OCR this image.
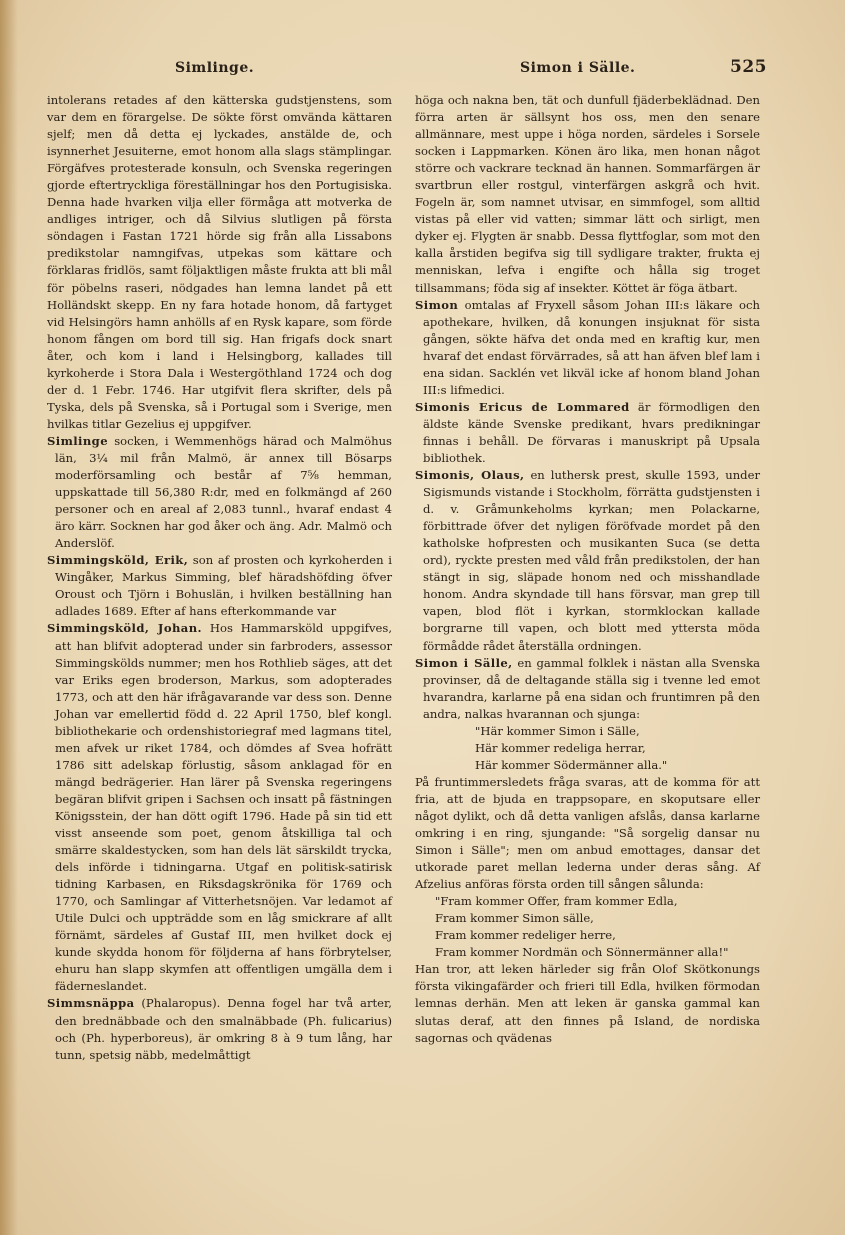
Simlinge.	Simon i Sälle.	525

intolerans retades af den kätterska gudstjenstens, som var dem en förargelse. De sökte först omvända kättaren sjelf; men då detta ej lyckades, anstälde de, och isynnerhet Jesuiterne, emot honom alla slags stämplingar. Förgäfves protesterade konsuln, och Svenska regeringen gjorde eftertryckliga föreställningar hos den Portugisiska. Denna hade hvarken vilja eller förmåga att motverka de andliges intriger, och då Silvius slutligen på första söndagen i Fastan 1721 hörde sig från alla Lissabons predikstolar namngifvas, utpekas som kättare och förklaras fridlös, samt följaktligen måste frukta att bli mål för pöbelns raseri, nödgades han lemna landet på ett Holländskt skepp. En ny fara hotade honom, då fartyget vid Helsingörs hamn anhölls af en Rysk kapare, som förde honom fången om bord till sig. Han frigafs dock snart åter, och kom i land i Helsingborg, kallades till kyrkoherde i Stora Dala i Westergöthland 1724 och dog der d. 1 Febr. 1746. Har utgifvit flera skrifter, dels på Tyska, dels på Svenska, så i Portugal som i Sverige, men hvilkas titlar Gezelius ej uppgifver.

Simlinge socken, i Wemmenhögs härad och Malmöhus län, 3¼ mil från Malmö, är annex till Bösarps moderförsamling och består af 7⅝ hemman, uppskattade till 56,380 R:dr, med en folkmängd af 260 personer och en areal af 2,083 tunnl., hvaraf endast 4 äro kärr. Socknen har god åker och äng. Adr. Malmö och Anderslöf.

Simmingsköld, Erik, son af prosten och kyrkoherden i Wingåker, Markus Simming, blef häradshöfding öfver Oroust och Tjörn i Bohuslän, i hvilken beställning han adlades 1689. Efter af hans efterkommande var

Simmingsköld, Johan. Hos Hammarsköld uppgifves, att han blifvit adopterad under sin farbroders, assessor Simmingskölds nummer; men hos Rothlieb säges, att det var Eriks egen broderson, Markus, som adopterades 1773, och att den här ifrågavarande var dess son. Denne Johan var emellertid född d. 22 April 1750, blef kongl. bibliothekarie och ordenshistoriegraf med lagmans titel, men afvek ur riket 1784, och dömdes af Svea hofrätt 1786 sitt adelskap förlustig, såsom anklagad för en mängd bedrägerier. Han lärer på Svenska regeringens begäran blifvit gripen i Sachsen och insatt på fästningen Königsstein, der han dött ogift 1796. Hade på sin tid ett visst anseende som poet, genom åtskilliga tal och smärre skaldestycken, som han dels lät särskildt trycka, dels införde i tidningarna. Utgaf en politisk-satirisk tidning Karbasen, en Riksdagskrönika för 1769 och 1770, och Samlingar af Vitterhetsnöjen. Var ledamot af Utile Dulci och uppträdde som en låg smickrare af allt förnämt, särdeles af Gustaf III, men hvilket dock ej kunde skydda honom för följderna af hans förbrytelser, ehuru han slapp skymfen att offentligen umgälla dem i fäderneslandet.

Simmsnäppa (Phalaropus). Denna fogel har två arter, den brednäbbade och den smalnäbbade (Ph. fulicarius) och (Ph. hyperboreus), är omkring 8 à 9 tum lång, har tunn, spetsig näbb, medelmåttigt

höga och nakna ben, tät och dunfull fjäderbeklädnad. Den förra arten är sällsynt hos oss, men den senare allmännare, mest uppe i höga norden, särdeles i Sorsele socken i Lappmarken. Könen äro lika, men honan något större och vackrare tecknad än hannen. Sommarfärgen är svartbrun eller rostgul, vinterfärgen askgrå och hvit. Fogeln är, som namnet utvisar, en simmfogel, som alltid vistas på eller vid vatten; simmar lätt och sirligt, men dyker ej. Flygten är snabb. Dessa flyttfoglar, som mot den kalla årstiden begifva sig till sydligare trakter, frukta ej menniskan, lefva i engifte och hålla sig troget tillsammans; föda sig af insekter. Köttet är föga ätbart.

Simon omtalas af Fryxell såsom Johan III:s läkare och apothekare, hvilken, då konungen insjuknat för sista gången, sökte häfva det onda med en kraftig kur, men hvaraf det endast förvärrades, så att han äfven blef lam i ena sidan. Sacklén vet likväl icke af honom bland Johan III:s lifmedici.

Simonis Ericus de Lommared är förmodligen den äldste kände Svenske predikant, hvars predikningar finnas i behåll. De förvaras i manuskript på Upsala bibliothek.

Simonis, Olaus, en luthersk prest, skulle 1593, under Sigismunds vistande i Stockholm, förrätta gudstjensten i d. v. Gråmunkeholms kyrkan; men Polackarne, förbittrade öfver det nyligen föröfvade mordet på den katholske hofpresten och musikanten Suca (se detta ord), ryckte presten med våld från predikstolen, der han stängt in sig, släpade honom ned och misshandlade honom. Andra skyndade till hans försvar, man grep till vapen, blod flöt i kyrkan, stormklockan kallade borgrarne till vapen, och blott med yttersta möda förmådde rådet återställa ordningen.

Simon i Sälle, en gammal folklek i nästan alla Svenska provinser, då de deltagande ställa sig i tvenne led emot hvarandra, karlarne på ena sidan och fruntimren på den andra, nalkas hvarannan och sjunga:

"Här kommer Simon i Sälle,

Här kommer redeliga herrar,

Här kommer Södermänner alla."

På fruntimmersledets fråga svaras, att de komma för att fria, att de bjuda en trappsopare, en skoputsare eller något dylikt, och då detta vanligen afslås, dansa karlarne omkring i en ring, sjungande: "Så sorgelig dansar nu Simon i Sälle"; men om anbud emottages, dansar det utkorade paret mellan lederna under deras sång. Af Afzelius anföras första orden till sången sålunda:

"Fram kommer Offer, fram kommer Edla,

Fram kommer Simon sälle,

Fram kommer redeliger herre,

Fram kommer Nordmän och Sönnermänner alla!"

Han tror, att leken härleder sig från Olof Skötkonungs första vikingafärder och frieri till Edla, hvilken förmodan lemnas derhän. Men att leken är ganska gammal kan slutas deraf, att den finnes på Island, de nordiska sagornas och qvädenas
